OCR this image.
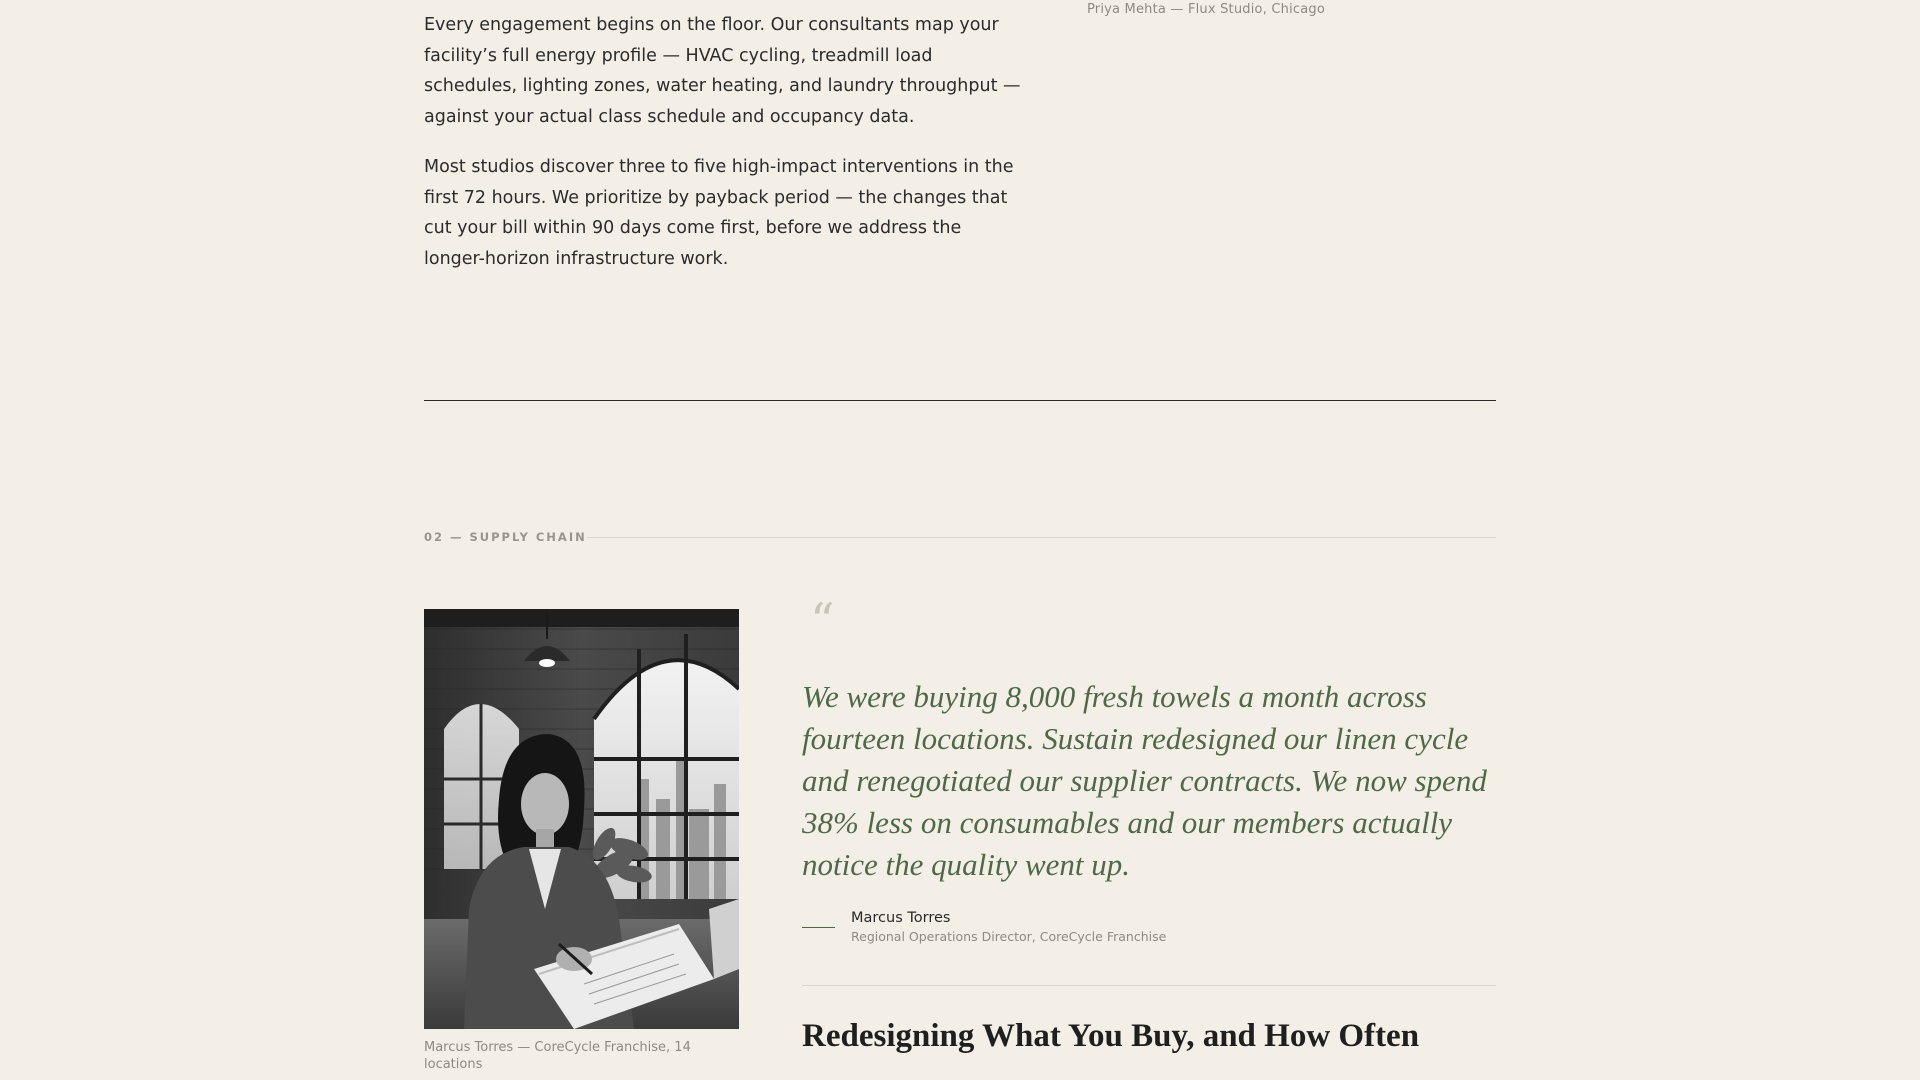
Every engagement begins on the floor. Our consultants map your facility’s full energy profile — HVAC cycling, treadmill load schedules, lighting zones, water heating, and laundry throughput — against your actual class schedule and occupancy data.

Most studios discover three to five high-impact interventions in the first 72 hours. We prioritize by payback period — the changes that cut your bill within 90 days come first, before we address the longer-horizon infrastructure work.

Priya Mehta — Flux Studio, Chicago
02 — SUPPLY CHAIN
Marcus Torres — CoreCycle Franchise, 14 locations
“
We were buying 8,000 fresh towels a month across fourteen locations. Sustain redesigned our linen cycle and renegotiated our supplier contracts. We now spend 38% less on consumables and our members actually notice the quality went up.
Marcus Torres
Regional Operations Director, CoreCycle Franchise
Redesigning What You Buy, and How Often
